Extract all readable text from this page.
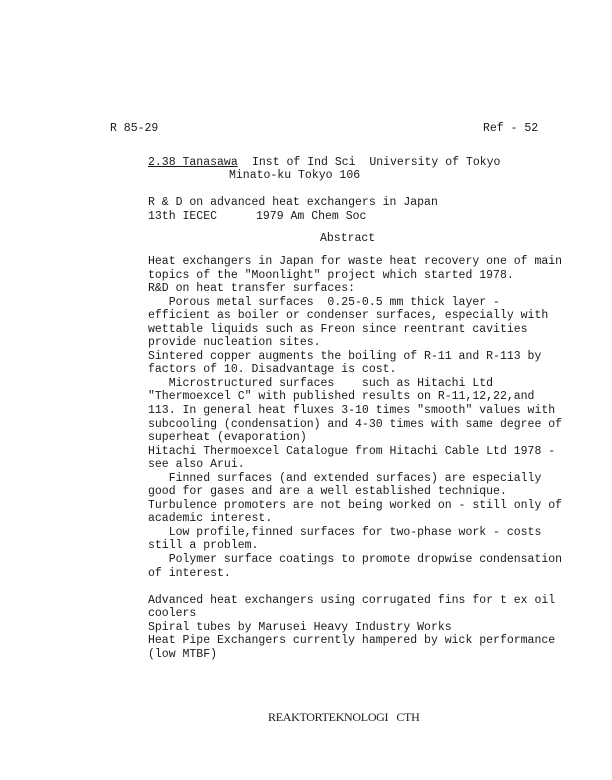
R 85-29	Ref - 52
2.38 Tanasawa Inst of Ind Sci  University of Tokyo
Minato-ku Tokyo 106
R & D on advanced heat exchangers in Japan
13th IECEC	1979 Am Chem Soc
Abstract
Heat exchangers in Japan for waste heat recovery one of main
topics of the "Moonlight" project which started 1978.
R&D on heat transfer surfaces:
Porous metal surfaces  0.25-0.5 mm thick layer -
efficient as boiler or condenser surfaces, especially with
wettable liquids such as Freon since reentrant cavities
provide nucleation sites.
Sintered copper augments the boiling of R-11 and R-113 by
factors of 10. Disadvantage is cost.
Microstructured surfaces    such as Hitachi Ltd
"Thermoexcel C" with published results on R-11,12,22,and
113. In general heat fluxes 3-10 times "smooth" values with
subcooling (condensation) and 4-30 times with same degree of
superheat (evaporation)
Hitachi Thermoexcel Catalogue from Hitachi Cable Ltd 1978 -
see also Arui.
Finned surfaces (and extended surfaces) are especially
good for gases and are a well established technique.
Turbulence promoters are not being worked on - still only of
academic interest.
Low profile,finned surfaces for two-phase work - costs
still a problem.
Polymer surface coatings to promote dropwise condensation
of interest.
Advanced heat exchangers using corrugated fins for t ex oil
coolers
Spiral tubes by Marusei Heavy Industry Works
Heat Pipe Exchangers currently hampered by wick performance
(low MTBF)
REAKTORTEKNOLOGI   CTH
